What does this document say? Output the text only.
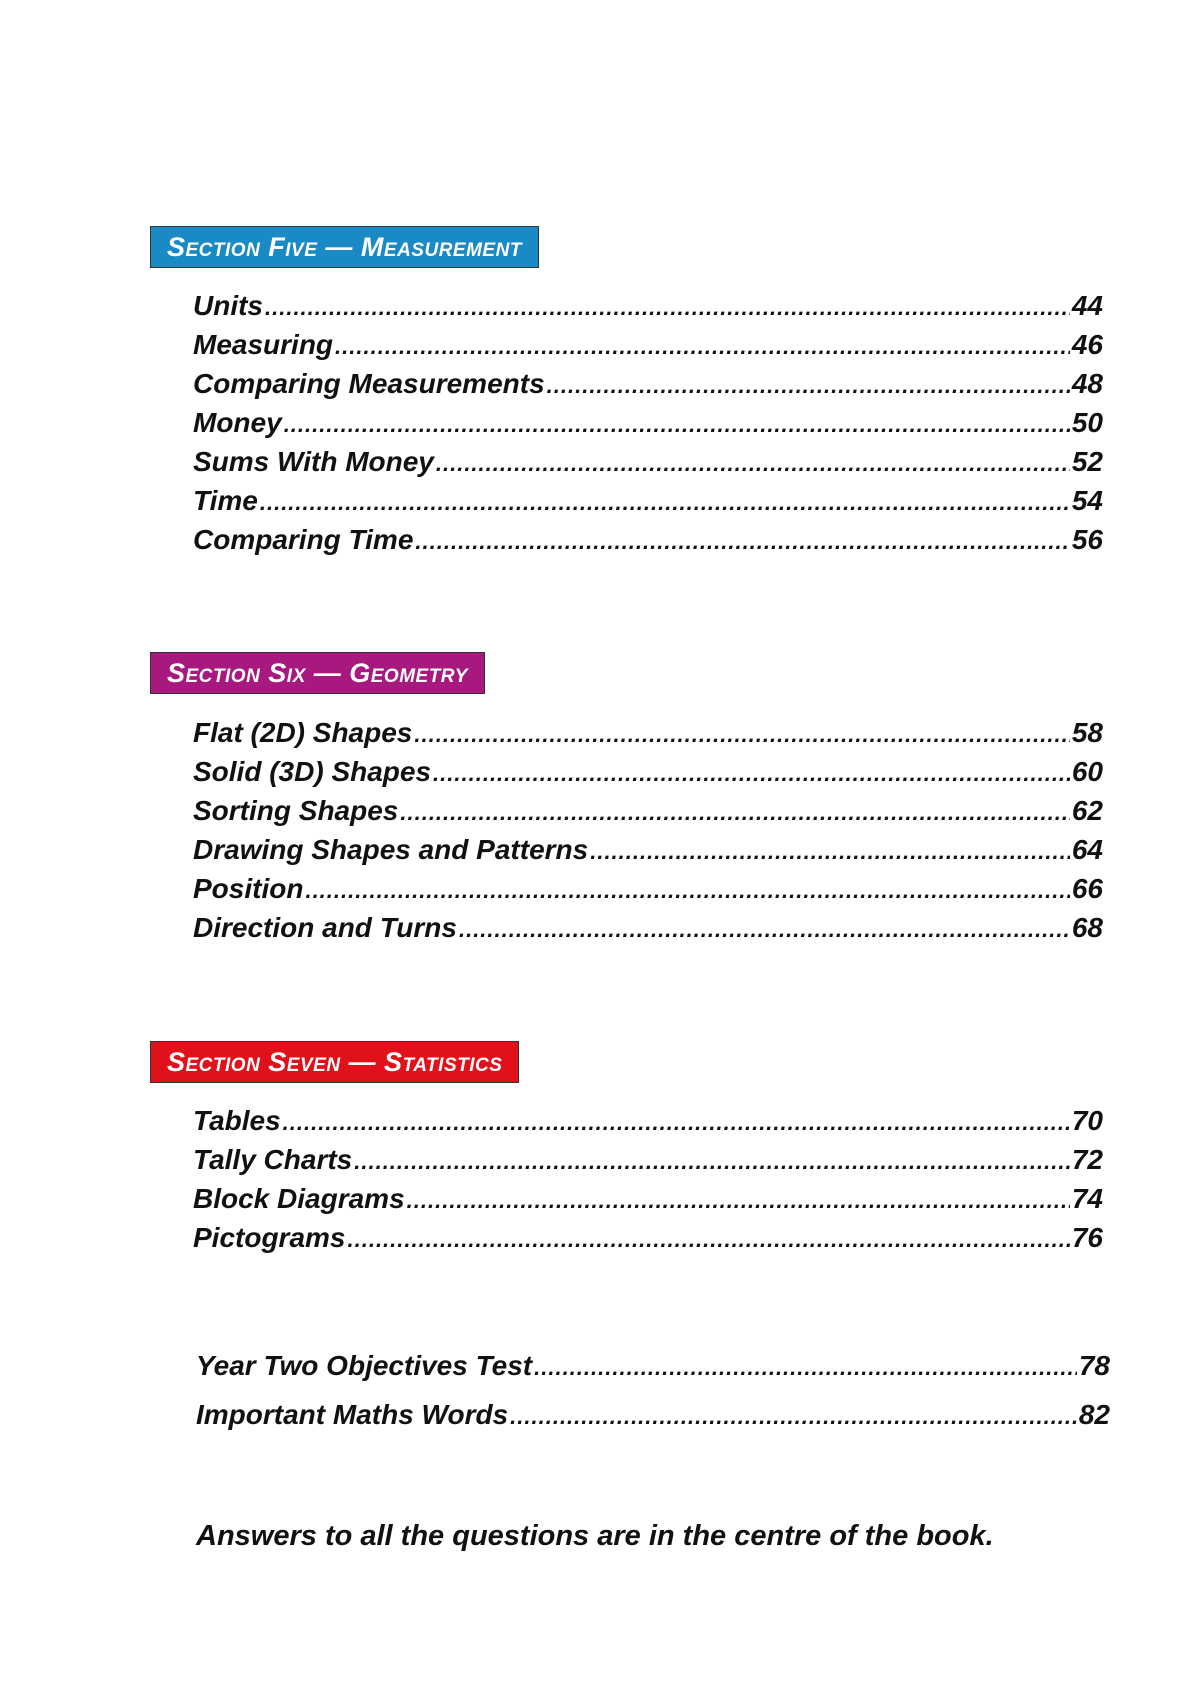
Section Five — Measurement
Units .....	44
Measuring .....	46
Comparing Measurements .....	48
Money .....	50
Sums With Money .....	52
Time .....	54
Comparing Time .....	56
Section Six — Geometry
Flat (2D) Shapes .....	58
Solid (3D) Shapes .....	60
Sorting Shapes .....	62
Drawing Shapes and Patterns .....	64
Position .....	66
Direction and Turns .....	68
Section Seven — Statistics
Tables .....	70
Tally Charts .....	72
Block Diagrams .....	74
Pictograms .....	76
Year Two Objectives Test .....	78
Important Maths Words .....	82
Answers to all the questions are in the centre of the book.
